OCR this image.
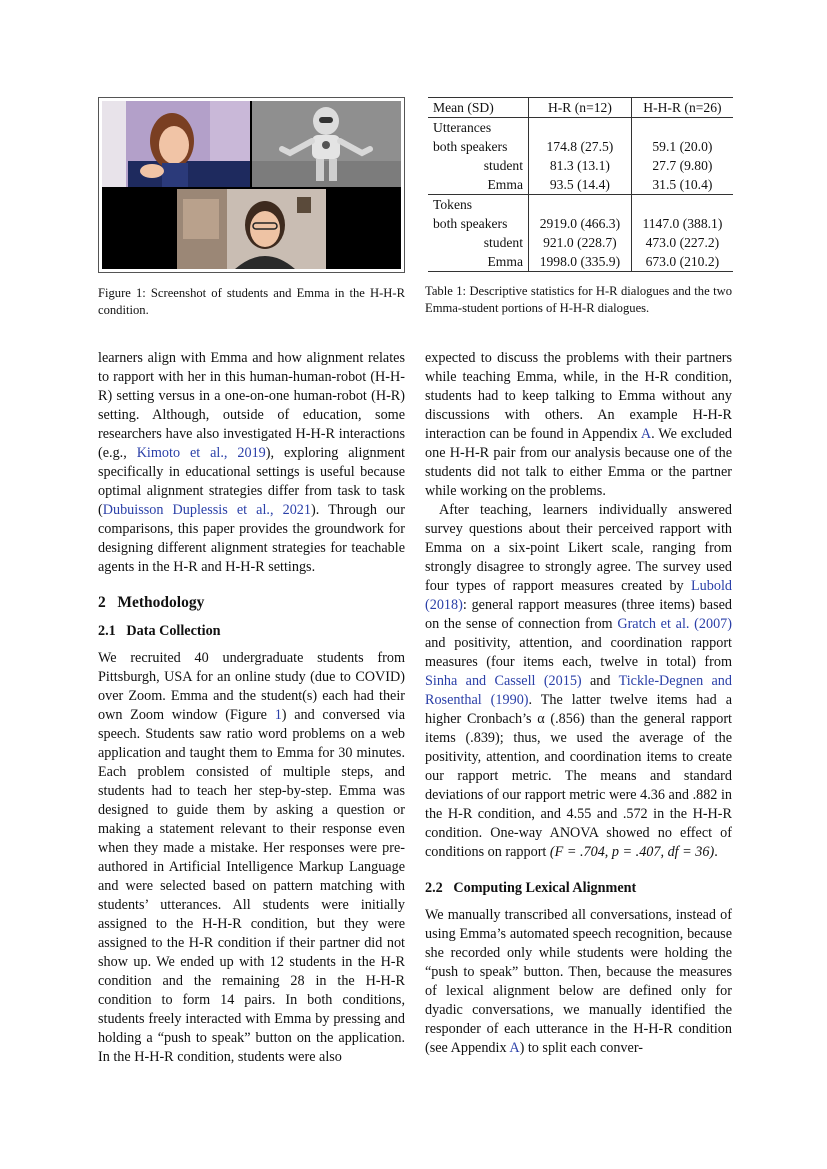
Figure 1: Screenshot of students and Emma in the H-H-R condition.

Mean (SD)	H-R (n=12)	H-H-R (n=26)
Utterances		
both speakers	174.8 (27.5)	59.1 (20.0)
student	81.3 (13.1)	27.7 (9.80)
Emma	93.5 (14.4)	31.5 (10.4)
Tokens		
both speakers	2919.0 (466.3)	1147.0 (388.1)
student	921.0 (228.7)	473.0 (227.2)
Emma	1998.0 (335.9)	673.0 (210.2)

Table 1: Descriptive statistics for H-R dialogues and the two Emma-student portions of H-H-R dialogues.

learners align with Emma and how alignment relates to rapport with her in this human-human-robot (H-H-R) setting versus in a one-on-one human-robot (H-R) setting. Although, outside of education, some researchers have also investigated H-H-R interactions (e.g., Kimoto et al., 2019), exploring alignment specifically in educational settings is useful because optimal alignment strategies differ from task to task (Dubuisson Duplessis et al., 2021). Through our comparisons, this paper provides the groundwork for designing different alignment strategies for teachable agents in the H-R and H-H-R settings.

2 Methodology

2.1 Data Collection

We recruited 40 undergraduate students from Pittsburgh, USA for an online study (due to COVID) over Zoom. Emma and the student(s) each had their own Zoom window (Figure 1) and conversed via speech. Students saw ratio word problems on a web application and taught them to Emma for 30 minutes. Each problem consisted of multiple steps, and students had to teach her step-by-step. Emma was designed to guide them by asking a question or making a statement relevant to their response even when they made a mistake. Her responses were pre-authored in Artificial Intelligence Markup Language and were selected based on pattern matching with students’ utterances. All students were initially assigned to the H-H-R condition, but they were assigned to the H-R condition if their partner did not show up. We ended up with 12 students in the H-R condition and the remaining 28 in the H-H-R condition to form 14 pairs. In both conditions, students freely interacted with Emma by pressing and holding a “push to speak” button on the application. In the H-H-R condition, students were also

expected to discuss the problems with their partners while teaching Emma, while, in the H-R condition, students had to keep talking to Emma without any discussions with others. An example H-H-R interaction can be found in Appendix A. We excluded one H-H-R pair from our analysis because one of the students did not talk to either Emma or the partner while working on the problems.

After teaching, learners individually answered survey questions about their perceived rapport with Emma on a six-point Likert scale, ranging from strongly disagree to strongly agree. The survey used four types of rapport measures created by Lubold (2018): general rapport measures (three items) based on the sense of connection from Gratch et al. (2007) and positivity, attention, and coordination rapport measures (four items each, twelve in total) from Sinha and Cassell (2015) and Tickle-Degnen and Rosenthal (1990). The latter twelve items had a higher Cronbach’s α (.856) than the general rapport items (.839); thus, we used the average of the positivity, attention, and coordination items to create our rapport metric. The means and standard deviations of our rapport metric were 4.36 and .882 in the H-R condition, and 4.55 and .572 in the H-H-R condition. One-way ANOVA showed no effect of conditions on rapport (F = .704, p = .407, df = 36).

2.2 Computing Lexical Alignment

We manually transcribed all conversations, instead of using Emma’s automated speech recognition, because she recorded only while students were holding the “push to speak” button. Then, because the measures of lexical alignment below are defined only for dyadic conversations, we manually identified the responder of each utterance in the H-H-R condition (see Appendix A) to split each conver-
